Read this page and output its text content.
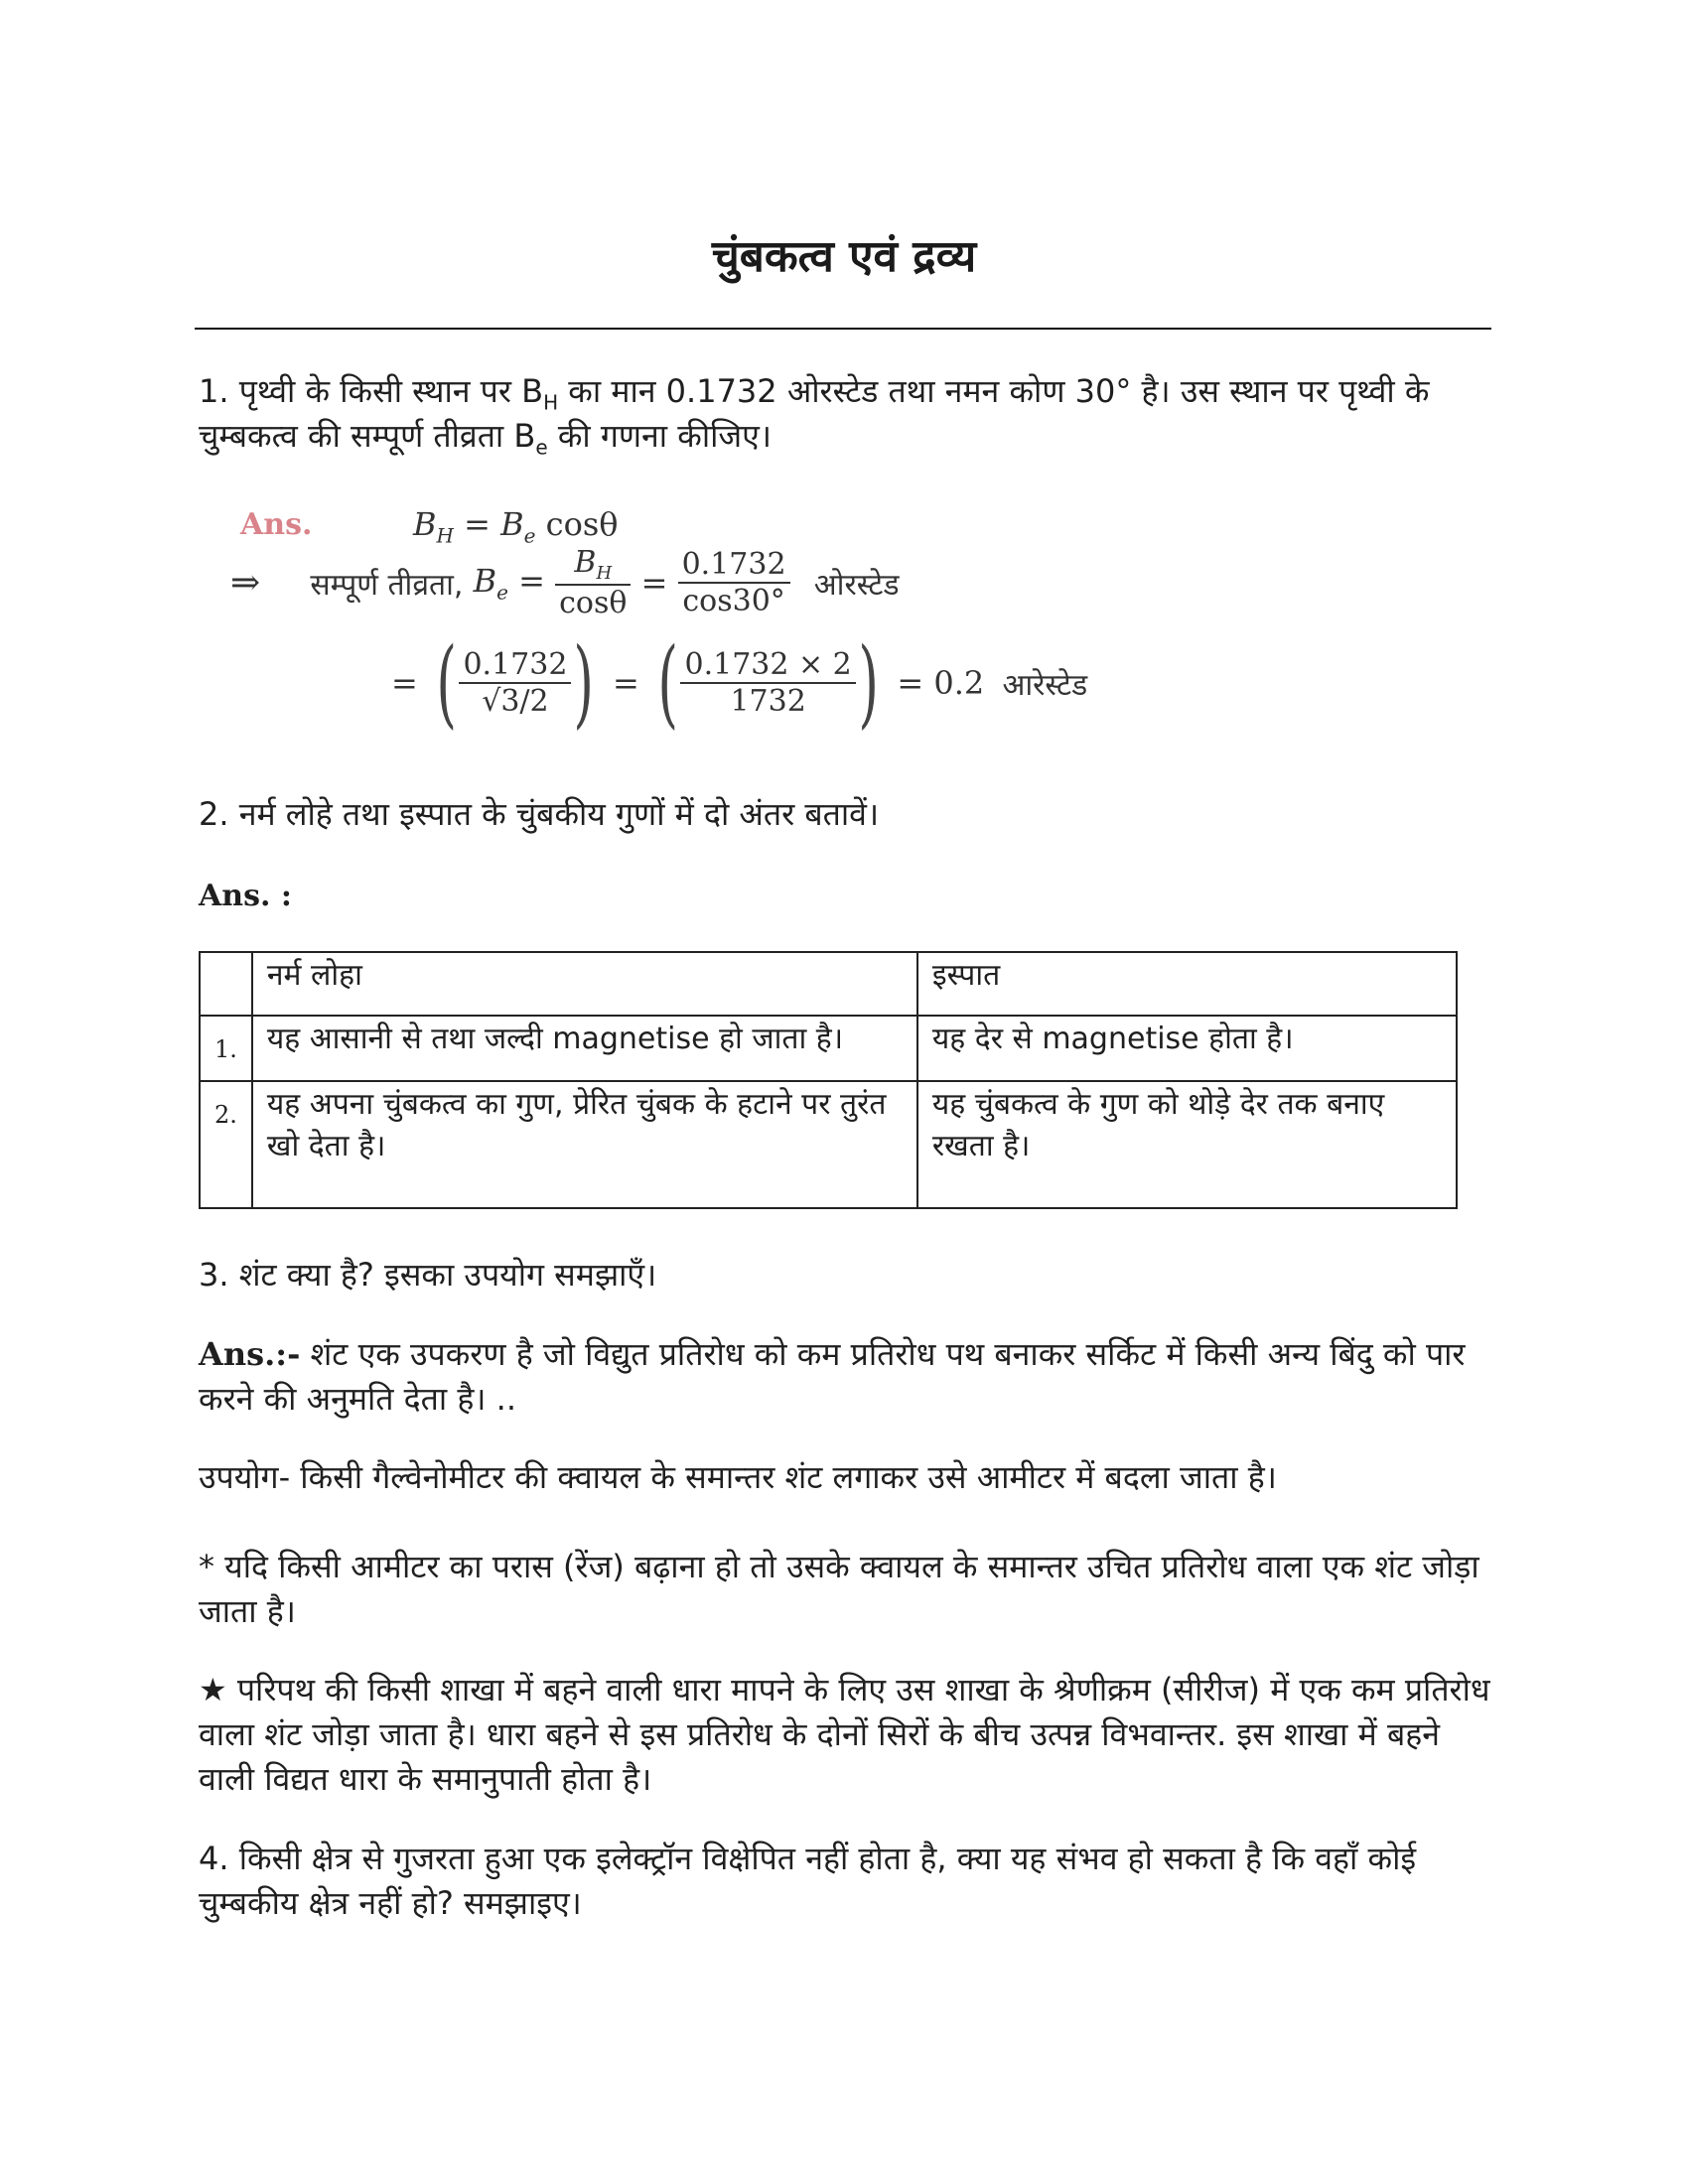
चुंबकत्व एवं द्रव्य
1. पृथ्वी के किसी स्थान पर $B_H$ का मान 0.1732 ओरस्टेड तथा नमन कोण 30° है। उस स्थान पर पृथ्वी के चुम्बकत्व की सम्पूर्ण तीव्रता $B_e$ की गणना कीजिए।
Ans.	$B_H = B_e$ cosθ
⇒ सम्पूर्ण तीव्रता, $B_e = \frac{B_H}{\cos\theta} = \frac{0.1732}{\cos 30^\circ}$ ओरस्टेड
= ( $\frac{0.1732}{√3/2}$ ) = ( $\frac{0.1732 \times 2}{1732}$ ) = 0.2 आरेस्टेड
2. नर्म लोहे तथा इस्पात के चुंबकीय गुणों में दो अंतर बतावें।
Ans. :
	नर्म लोहा	इस्पात
1.	यह आसानी से तथा जल्दी magnetise हो जाता है।	यह देर से magnetise होता है।
2.	यह अपना चुंबकत्व का गुण, प्रेरित चुंबक के हटाने पर तुरंत खो देता है।	यह चुंबकत्व के गुण को थोड़े देर तक बनाए रखता है।
3. शंट क्या है? इसका उपयोग समझाएँ।
Ans.:- शंट एक उपकरण है जो विद्युत प्रतिरोध को कम प्रतिरोध पथ बनाकर सर्किट में किसी अन्य बिंदु को पार करने की अनुमति देता है। ..
उपयोग- किसी गैल्वेनोमीटर की क्वायल के समान्तर शंट लगाकर उसे आमीटर में बदला जाता है।
* यदि किसी आमीटर का परास (रेंज) बढ़ाना हो तो उसके क्वायल के समान्तर उचित प्रतिरोध वाला एक शंट जोड़ा जाता है।
★ परिपथ की किसी शाखा में बहने वाली धारा मापने के लिए उस शाखा के श्रेणीक्रम (सीरीज) में एक कम प्रतिरोध वाला शंट जोड़ा जाता है। धारा बहने से इस प्रतिरोध के दोनों सिरों के बीच उत्पन्न विभवान्तर. इस शाखा में बहने वाली विद्यत धारा के समानुपाती होता है।
4. किसी क्षेत्र से गुजरता हुआ एक इलेक्ट्रॉन विक्षेपित नहीं होता है, क्या यह संभव हो सकता है कि वहाँ कोई चुम्बकीय क्षेत्र नहीं हो? समझाइए।
